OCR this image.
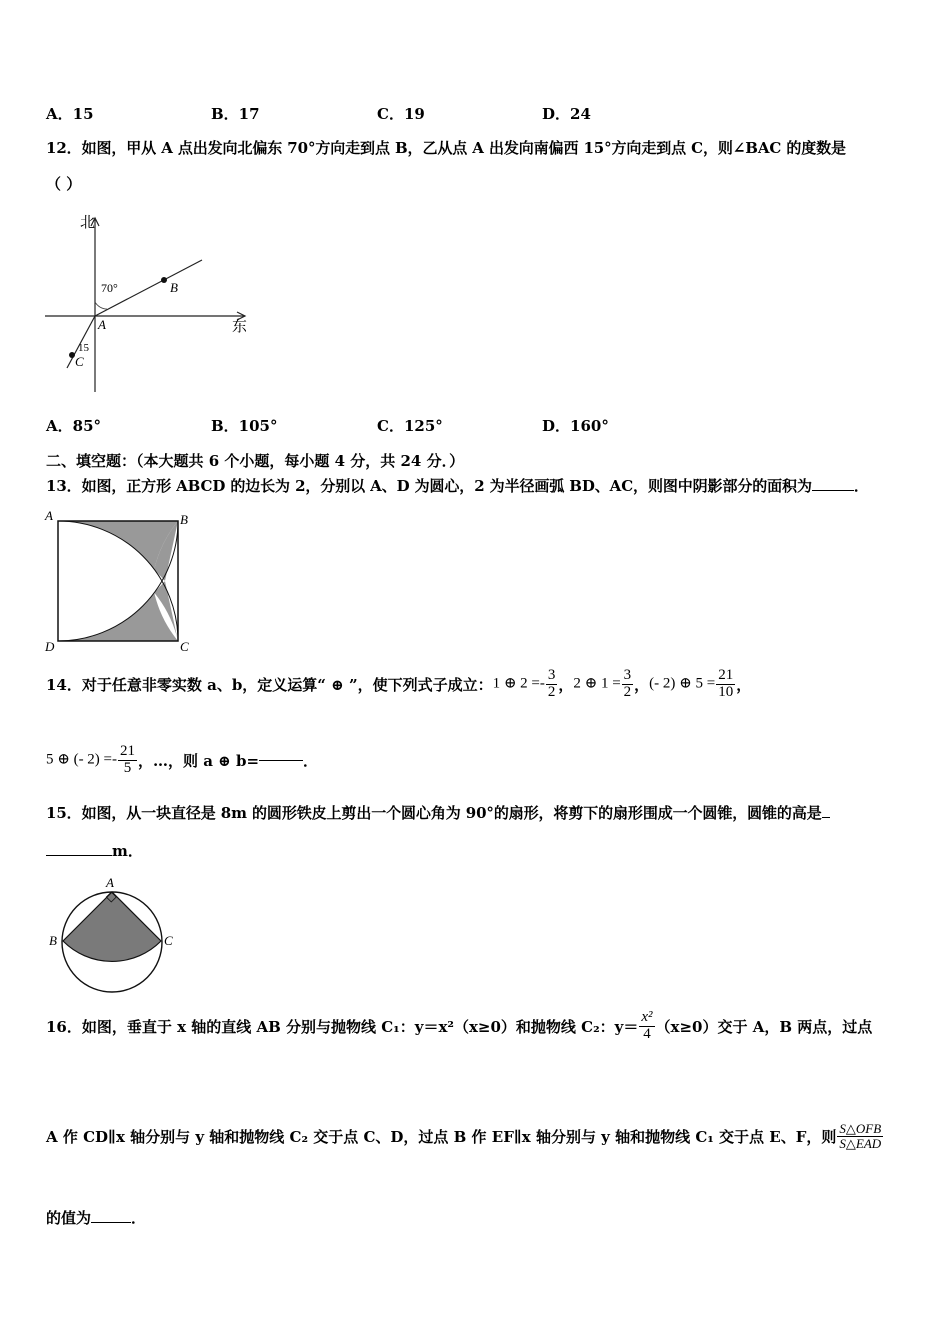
A．15	B．17	C．19	D．24
12．如图，甲从 A 点出发向北偏东 70°方向走到点 B，乙从点 A 出发向南偏西 15°方向走到点 C，则∠BAC 的度数是
（ ）
北
东
70°
A
B
15
C
A．85°	B．105°	C．125°	D．160°
二、填空题：（本大题共 6 个小题，每小题 4 分，共 24 分．）
13．如图，正方形 ABCD 的边长为 2，分别以 A、D 为圆心，2 为半径画弧 BD、AC，则图中阴影部分的面积为	．
A	B
C
D
14．对于任意非零实数 a、b，定义运算“ ⊕ ”，使下列式子成立： 1 ⊕ $2 =- \frac{3}{2}$ ， 2 ⊕ $1 = \frac{3}{2}$ ， (- 2) ⊕ $5 = \frac{21}{10}$ ，
5 ⊕ (- $2) =- \frac{21}{5}$ ，…，则 a ⊕ b=	．
15．如图，从一块直径是 8m 的圆形铁皮上剪出一个圆心角为 90°的扇形，将剪下的扇形围成一个圆锥，圆锥的高是
m．
A
B	C
16．如图，垂直于 x 轴的直线 AB 分别与抛物线 C₁：y＝x²（x≥0）和抛物线 C₂：$y= \frac{\text{x²}}{4} (x\ge 0)$交于 A，B 两点，过点
A 作 CD∥x 轴分别与 y 轴和抛物线 C₂ 交于点 C、D，过点 B 作 EF∥x 轴分别与 y 轴和抛物线 C₁ 交于点 E、F，则 $\frac{\text{S△OFB}}{\text{S△EAD}}$
的值为	．
